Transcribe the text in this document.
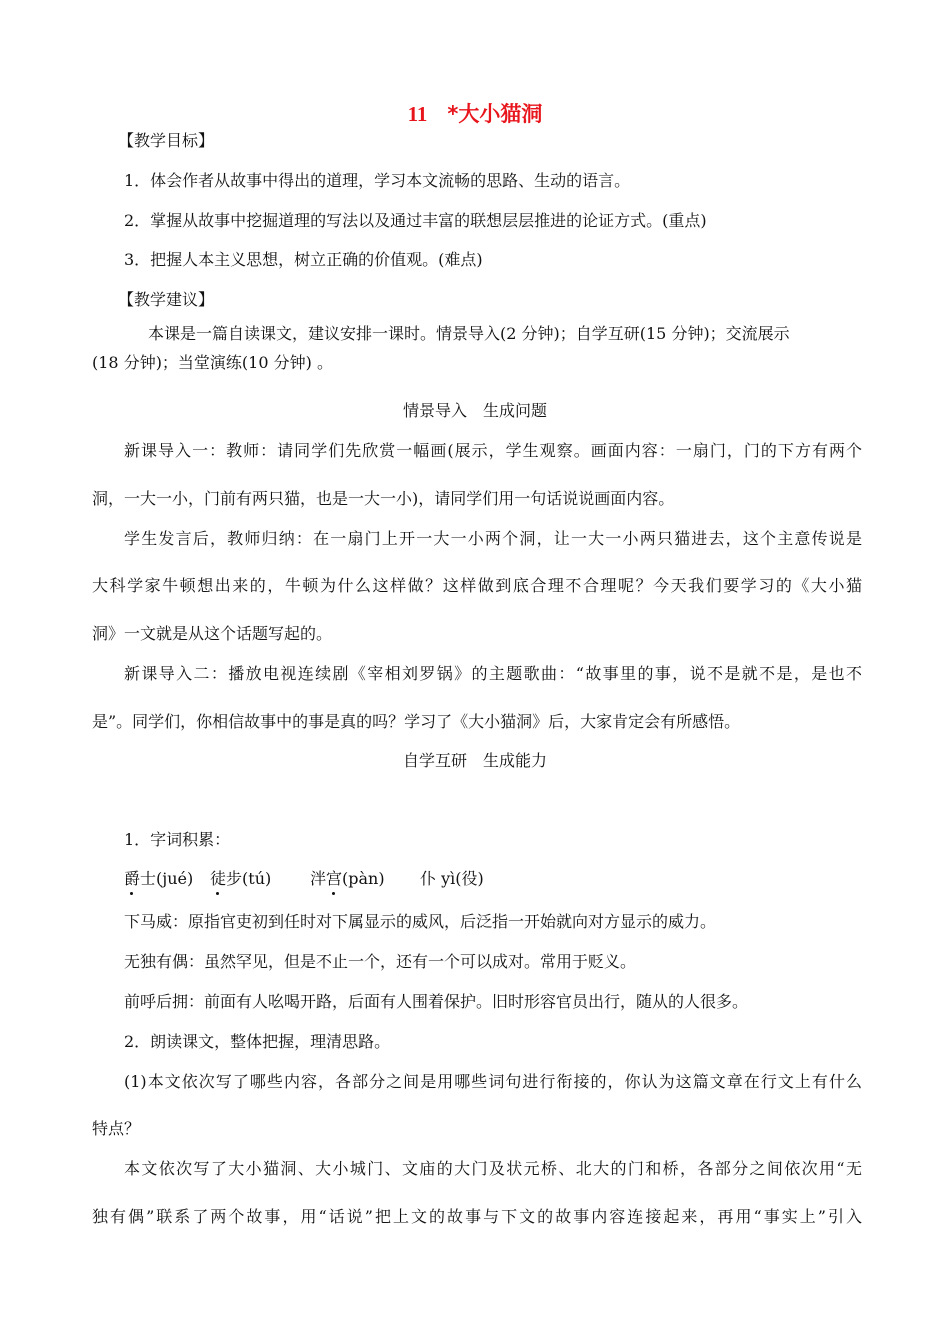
11 *大小猫洞
【教学目标】
1．体会作者从故事中得出的道理，学习本文流畅的思路、生动的语言。
2．掌握从故事中挖掘道理的写法以及通过丰富的联想层层推进的论证方式。(重点)
3．把握人本主义思想，树立正确的价值观。(难点)
【教学建议】
本课是一篇自读课文，建议安排一课时。情景导入(2 分钟)；自学互研(15 分钟)；交流展示
(18 分钟)；当堂演练(10 分钟) 。
情景导入　生成问题
新课导入一：教师：请同学们先欣赏一幅画(展示，学生观察。画面内容：一扇门，门的下方有两个
洞，一大一小，门前有两只猫，也是一大一小)，请同学们用一句话说说画面内容。
学生发言后，教师归纳：在一扇门上开一大一小两个洞，让一大一小两只猫进去，这个主意传说是
大科学家牛顿想出来的，牛顿为什么这样做？这样做到底合理不合理呢？今天我们要学习的《大小猫
洞》一文就是从这个话题写起的。
新课导入二：播放电视连续剧《宰相刘罗锅》的主题歌曲：“故事里的事，说不是就不是，是也不
是”。同学们，你相信故事中的事是真的吗？学习了《大小猫洞》后，大家肯定会有所感悟。
自学互研　生成能力
1．字词积累：
爵士(jué) 徒步(tú) 泮宫(pàn) 仆 yì(役)
下马威：原指官吏初到任时对下属显示的威风，后泛指一开始就向对方显示的威力。
无独有偶：虽然罕见，但是不止一个，还有一个可以成对。常用于贬义。
前呼后拥：前面有人吆喝开路，后面有人围着保护。旧时形容官员出行，随从的人很多。
2．朗读课文，整体把握，理清思路。
(1)本文依次写了哪些内容，各部分之间是用哪些词句进行衔接的，你认为这篇文章在行文上有什么
特点？
本文依次写了大小猫洞、大小城门、文庙的大门及状元桥、北大的门和桥，各部分之间依次用“无
独有偶”联系了两个故事，用“话说”把上文的故事与下文的故事内容连接起来，再用“事实上”引入
